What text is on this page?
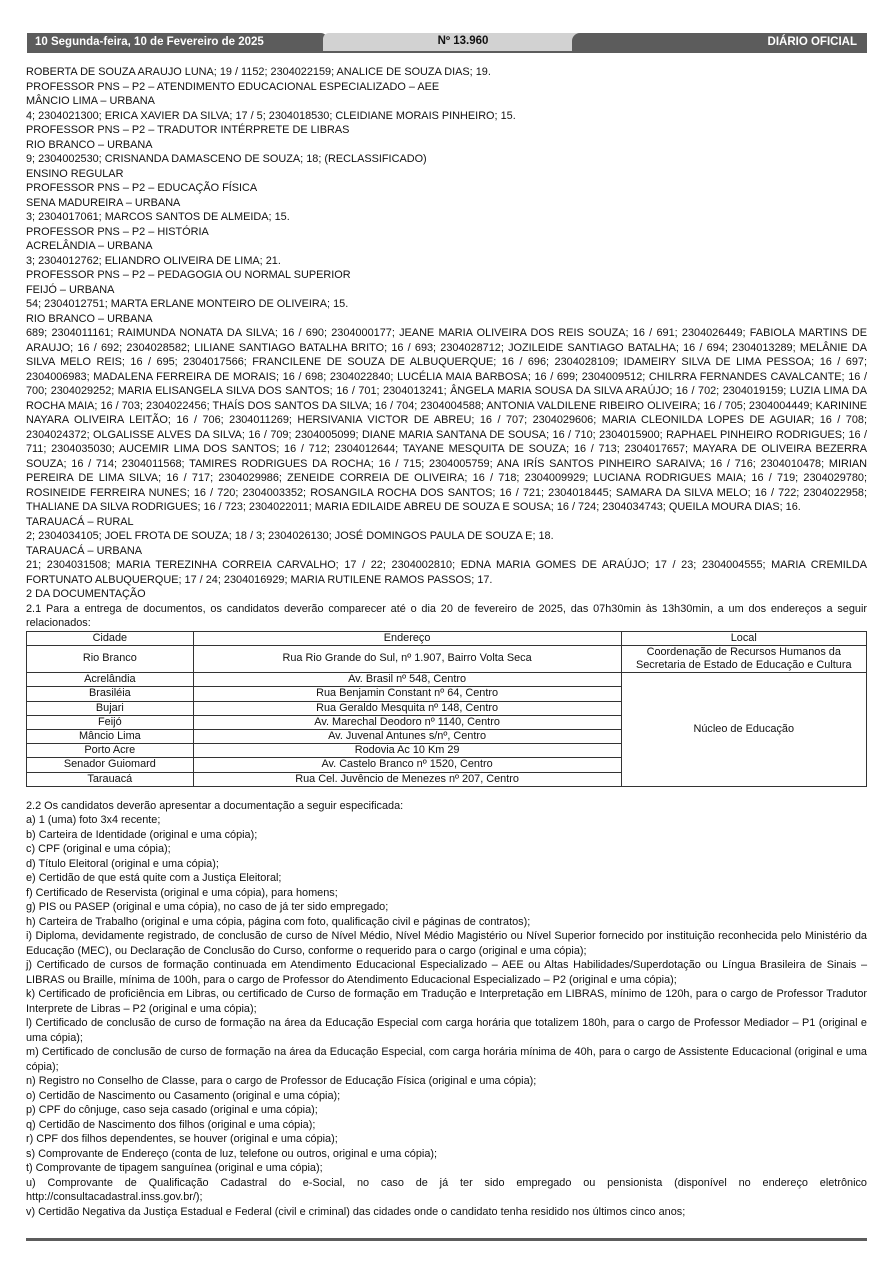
10 Segunda-feira, 10 de Fevereiro de 2025	Nº 13.960	DIÁRIO OFICIAL

ROBERTA DE SOUZA ARAUJO LUNA; 19 / 1152; 2304022159; ANALICE DE SOUZA DIAS; 19.

PROFESSOR PNS – P2 – ATENDIMENTO EDUCACIONAL ESPECIALIZADO – AEE

MÂNCIO LIMA – URBANA

4; 2304021300; ERICA XAVIER DA SILVA; 17 / 5; 2304018530; CLEIDIANE MORAIS PINHEIRO; 15.

PROFESSOR PNS – P2 – TRADUTOR INTÉRPRETE DE LIBRAS

RIO BRANCO – URBANA

9; 2304002530; CRISNANDA DAMASCENO DE SOUZA; 18; (RECLASSIFICADO)

ENSINO REGULAR

PROFESSOR PNS – P2 – EDUCAÇÃO FÍSICA

SENA MADUREIRA – URBANA

3; 2304017061; MARCOS SANTOS DE ALMEIDA; 15.

PROFESSOR PNS – P2 – HISTÓRIA

ACRELÂNDIA – URBANA

3; 2304012762; ELIANDRO OLIVEIRA DE LIMA; 21.

PROFESSOR PNS – P2 – PEDAGOGIA OU NORMAL SUPERIOR

FEIJÓ – URBANA

54; 2304012751; MARTA ERLANE MONTEIRO DE OLIVEIRA; 15.

RIO BRANCO – URBANA

689; 2304011161; RAIMUNDA NONATA DA SILVA; 16 / 690; 2304000177; JEANE MARIA OLIVEIRA DOS REIS SOUZA; 16 / 691; 2304026449; FABIOLA MARTINS DE ARAUJO; 16 / 692; 2304028582; LILIANE SANTIAGO BATALHA BRITO; 16 / 693; 2304028712; JOZILEIDE SANTIAGO BATALHA; 16 / 694; 2304013289; MELÂNIE DA SILVA MELO REIS; 16 / 695; 2304017566; FRANCILENE DE SOUZA DE ALBUQUERQUE; 16 / 696; 2304028109; IDAMEIRY SILVA DE LIMA PESSOA; 16 / 697; 2304006983; MADALENA FERREIRA DE MORAIS; 16 / 698; 2304022840; LUCÉLIA MAIA BARBOSA; 16 / 699; 2304009512; CHILRRA FERNANDES CAVALCANTE; 16 / 700; 2304029252; MARIA ELISANGELA SILVA DOS SANTOS; 16 / 701; 2304013241; ÂNGELA MARIA SOUSA DA SILVA ARAÚJO; 16 / 702; 2304019159; LUZIA LIMA DA ROCHA MAIA; 16 / 703; 2304022456; THAÍS DOS SANTOS DA SILVA; 16 / 704; 2304004588; ANTONIA VALDILENE RIBEIRO OLIVEIRA; 16 / 705; 2304004449; KARININE NAYARA OLIVEIRA LEITÃO; 16 / 706; 2304011269; HERSIVANIA VICTOR DE ABREU; 16 / 707; 2304029606; MARIA CLEONILDA LOPES DE AGUIAR; 16 / 708; 2304024372; OLGALISSE ALVES DA SILVA; 16 / 709; 2304005099; DIANE MARIA SANTANA DE SOUSA; 16 / 710; 2304015900; RAPHAEL PINHEIRO RODRIGUES; 16 / 711; 2304035030; AUCEMIR LIMA DOS SANTOS; 16 / 712; 2304012644; TAYANE MESQUITA DE SOUZA; 16 / 713; 2304017657; MAYARA DE OLIVEIRA BEZERRA SOUZA; 16 / 714; 2304011568; TAMIRES RODRIGUES DA ROCHA; 16 / 715; 2304005759; ANA IRÍS SANTOS PINHEIRO SARAIVA; 16 / 716; 2304010478; MIRIAN PEREIRA DE LIMA SILVA; 16 / 717; 2304029986; ZENEIDE CORREIA DE OLIVEIRA; 16 / 718; 2304009929; LUCIANA RODRIGUES MAIA; 16 / 719; 2304029780; ROSINEIDE FERREIRA NUNES; 16 / 720; 2304003352; ROSANGILA ROCHA DOS SANTOS; 16 / 721; 2304018445; SAMARA DA SILVA MELO; 16 / 722; 2304022958; THALIANE DA SILVA RODRIGUES; 16 / 723; 2304022011; MARIA EDILAIDE ABREU DE SOUZA E SOUSA; 16 / 724; 2304034743; QUEILA MOURA DIAS; 16.

TARAUACÁ – RURAL

2; 2304034105; JOEL FROTA DE SOUZA; 18 / 3; 2304026130; JOSÉ DOMINGOS PAULA DE SOUZA E; 18.

TARAUACÁ – URBANA

21; 2304031508; MARIA TEREZINHA CORREIA CARVALHO; 17 / 22; 2304002810; EDNA MARIA GOMES DE ARAÚJO; 17 / 23; 2304004555; MARIA CREMILDA FORTUNATO ALBUQUERQUE; 17 / 24; 2304016929; MARIA RUTILENE RAMOS PASSOS; 17.

2 DA DOCUMENTAÇÃO

2.1 Para a entrega de documentos, os candidatos deverão comparecer até o dia 20 de fevereiro de 2025, das 07h30min às 13h30min, a um dos endereços a seguir relacionados:

Cidade	Endereço	Local
Rio Branco	Rua Rio Grande do Sul, nº 1.907, Bairro Volta Seca	Coordenação de Recursos Humanos da
Secretaria de Estado de Educação e Cultura
Acrelândia	Av. Brasil nº 548, Centro	Núcleo de Educação
Brasiléia	Rua Benjamin Constant nº 64, Centro	
Bujari	Rua Geraldo Mesquita nº 148, Centro	
Feijó	Av. Marechal Deodoro nº 1140, Centro	
Mâncio Lima	Av. Juvenal Antunes s/nº, Centro	
Porto Acre	Rodovia Ac 10 Km 29	
Senador Guiomard	Av. Castelo Branco nº 1520, Centro	
Tarauacá	Rua Cel. Juvêncio de Menezes nº 207, Centro	

2.2 Os candidatos deverão apresentar a documentação a seguir especificada:

a) 1 (uma) foto 3x4 recente;

b) Carteira de Identidade (original e uma cópia);

c) CPF (original e uma cópia);

d) Título Eleitoral (original e uma cópia);

e) Certidão de que está quite com a Justiça Eleitoral;

f) Certificado de Reservista (original e uma cópia), para homens;

g) PIS ou PASEP (original e uma cópia), no caso de já ter sido empregado;

h) Carteira de Trabalho (original e uma cópia, página com foto, qualificação civil e páginas de contratos);

i) Diploma, devidamente registrado, de conclusão de curso de Nível Médio, Nível Médio Magistério ou Nível Superior fornecido por instituição reconhecida pelo Ministério da Educação (MEC), ou Declaração de Conclusão do Curso, conforme o requerido para o cargo (original e uma cópia);

j) Certificado de cursos de formação continuada em Atendimento Educacional Especializado – AEE ou Altas Habilidades/Superdotação ou Língua Brasileira de Sinais – LIBRAS ou Braille, mínima de 100h, para o cargo de Professor do Atendimento Educacional Especializado – P2 (original e uma cópia);

k) Certificado de proficiência em Libras, ou certificado de Curso de formação em Tradução e Interpretação em LIBRAS, mínimo de 120h, para o cargo de Professor Tradutor Interprete de Libras – P2 (original e uma cópia);

l) Certificado de conclusão de curso de formação na área da Educação Especial com carga horária que totalizem 180h, para o cargo de Professor Mediador – P1 (original e uma cópia);

m) Certificado de conclusão de curso de formação na área da Educação Especial, com carga horária mínima de 40h, para o cargo de Assistente Educacional (original e uma cópia);

n) Registro no Conselho de Classe, para o cargo de Professor de Educação Física (original e uma cópia);

o) Certidão de Nascimento ou Casamento (original e uma cópia);

p) CPF do cônjuge, caso seja casado (original e uma cópia);

q) Certidão de Nascimento dos filhos (original e uma cópia);

r) CPF dos filhos dependentes, se houver (original e uma cópia);

s) Comprovante de Endereço (conta de luz, telefone ou outros, original e uma cópia);

t) Comprovante de tipagem sanguínea (original e uma cópia);

u) Comprovante de Qualificação Cadastral do e-Social, no caso de já ter sido empregado ou pensionista (disponível no endereço eletrônico http://consultacadastral.inss.gov.br/);

v) Certidão Negativa da Justiça Estadual e Federal (civil e criminal) das cidades onde o candidato tenha residido nos últimos cinco anos;
